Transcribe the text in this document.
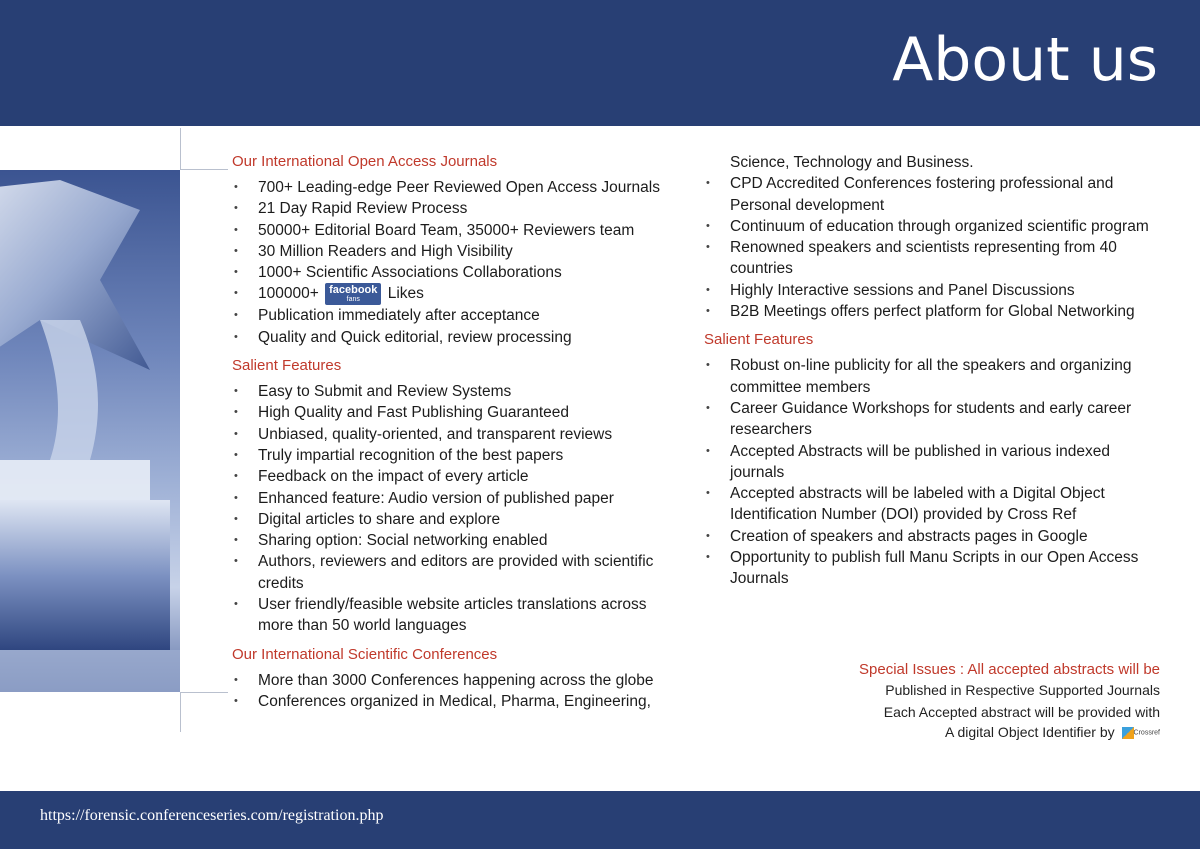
About us
Our International Open Access Journals
• 700+ Leading-edge Peer Reviewed Open Access Journals
• 21 Day Rapid Review Process
• 50000+ Editorial Board Team, 35000+ Reviewers team
• 30 Million Readers and High Visibility
• 1000+ Scientific Associations Collaborations
• 100000+ facebook
fans	Likes
• Publication immediately after acceptance
• Quality and Quick editorial, review processing
Salient Features
• Easy to Submit and Review Systems
• High Quality and Fast Publishing Guaranteed
• Unbiased, quality-oriented, and transparent reviews
• Truly impartial recognition of the best papers
• Feedback on the impact of every article
• Enhanced feature: Audio version of published paper
• Digital articles to share and explore
• Sharing option: Social networking enabled
• Authors, reviewers and editors are provided with scientific credits
• User friendly/feasible website articles translations across more than 50 world languages
Our International Scientific Conferences
• More than 3000 Conferences happening across the globe
• Conferences organized in Medical, Pharma, Engineering,
Science, Technology and Business.
• CPD Accredited Conferences fostering professional and Personal development
• Continuum of education through organized scientific program
• Renowned speakers and scientists representing from 40 countries
• Highly Interactive sessions and Panel Discussions
• B2B Meetings offers perfect platform for Global Networking
Salient Features
• Robust on-line publicity for all the speakers and organizing committee members
• Career Guidance Workshops for students and early career researchers
• Accepted Abstracts will be published in various indexed journals
• Accepted abstracts will be labeled with a Digital Object Identification Number (DOI) provided by Cross Ref
• Creation of speakers and abstracts pages in Google
• Opportunity to publish full Manu Scripts in our Open Access Journals
Special Issues : All accepted abstracts will be
Published in Respective Supported Journals
Each Accepted abstract will be provided with
A digital Object Identifier by	Crossref
https://forensic.conferenceseries.com/registration.php
